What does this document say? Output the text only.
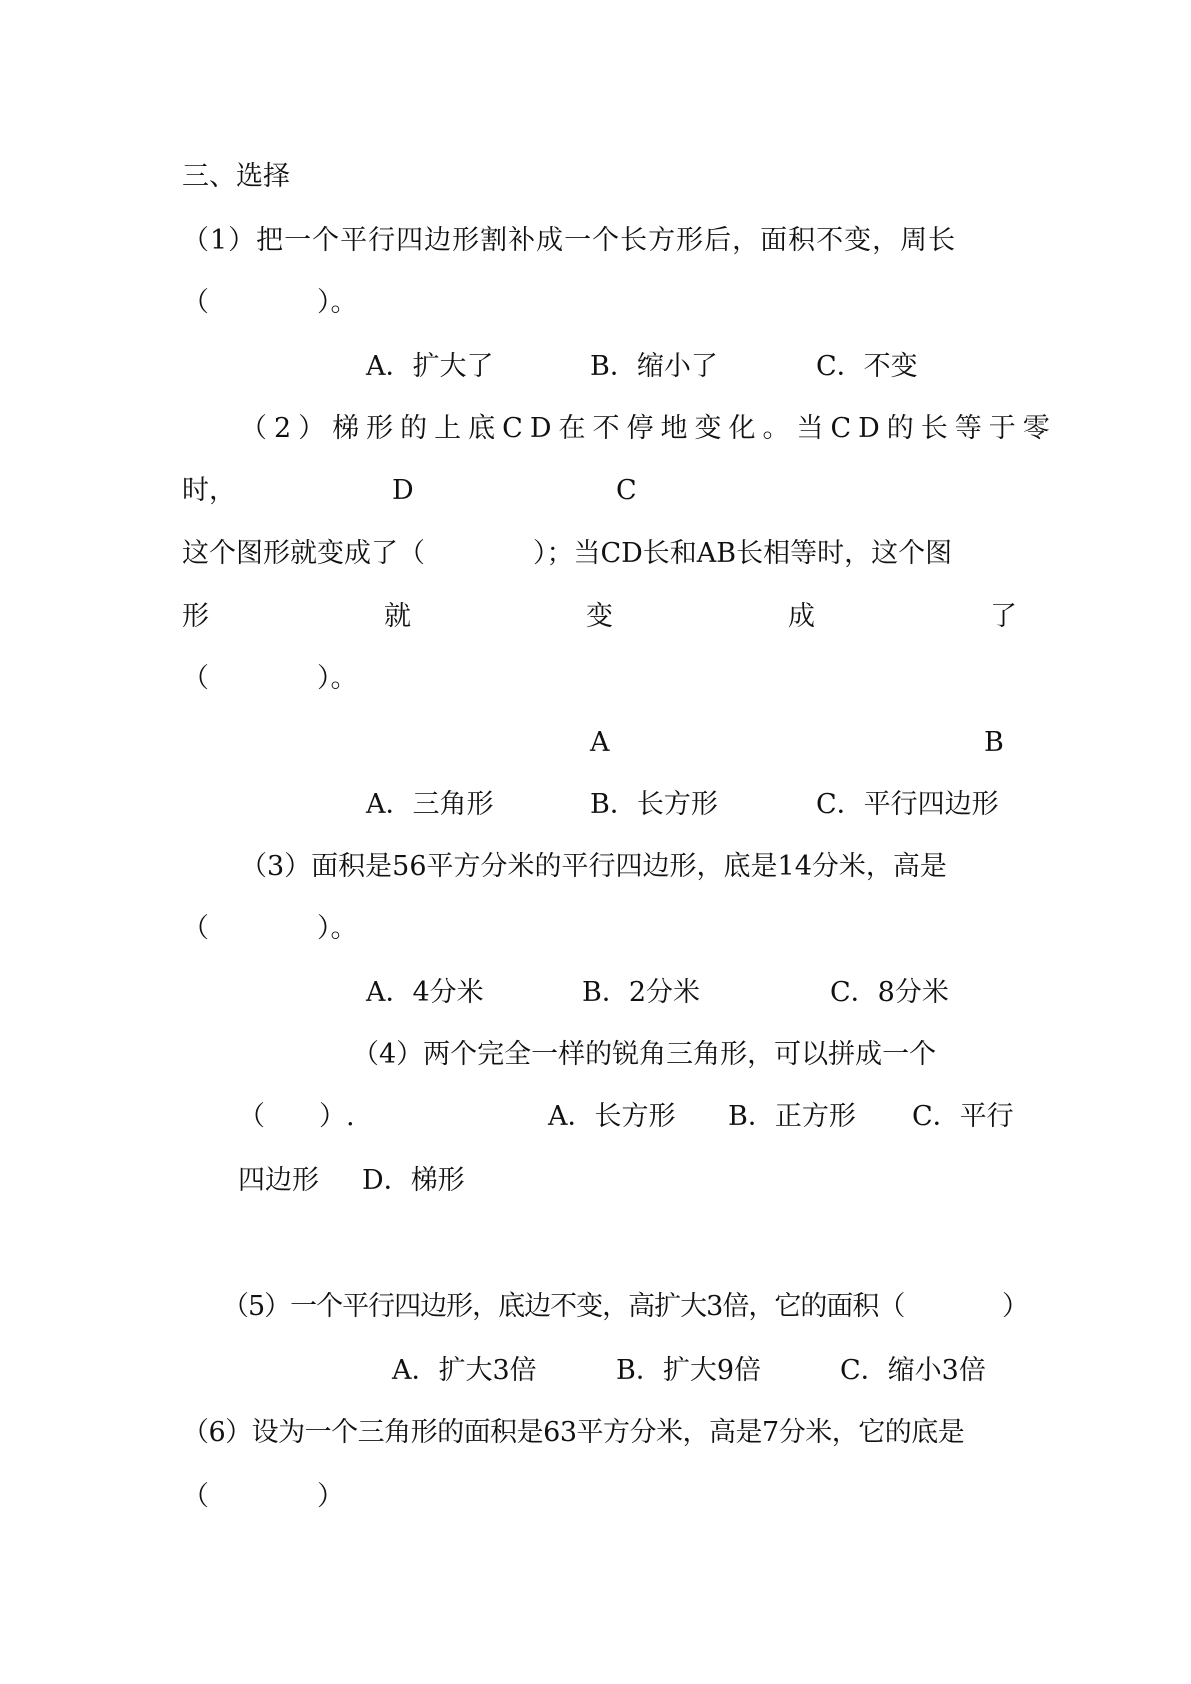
三、选择
（1）把一个平行四边形割补成一个长方形后，面积不变，周长
（　　　　）。
A．扩大了	B．缩小了	C．不变
（2）梯形的上底CD在不停地变化。当CD的长等于零
时，	D	C
这个图形就变成了（　　　　）；当CD长和AB长相等时，这个图
形	就	变	成	了
（　　　　）。
A	B
A．三角形	B．长方形	C．平行四边形
（3）面积是56平方分米的平行四边形，底是14分米，高是
（　　　　）。
A．4分米	B．2分米	C．8分米
（4）两个完全一样的锐角三角形，可以拼成一个
（　　）.	A．长方形 B．正方形 C．平行
四边形 D．梯形
（5）一个平行四边形，底边不变，高扩大3倍，它的面积（	）
A．扩大3倍	B．扩大9倍	C．缩小3倍
（6）设为一个三角形的面积是63平方分米，高是7分米，它的底是
（　　　　）
